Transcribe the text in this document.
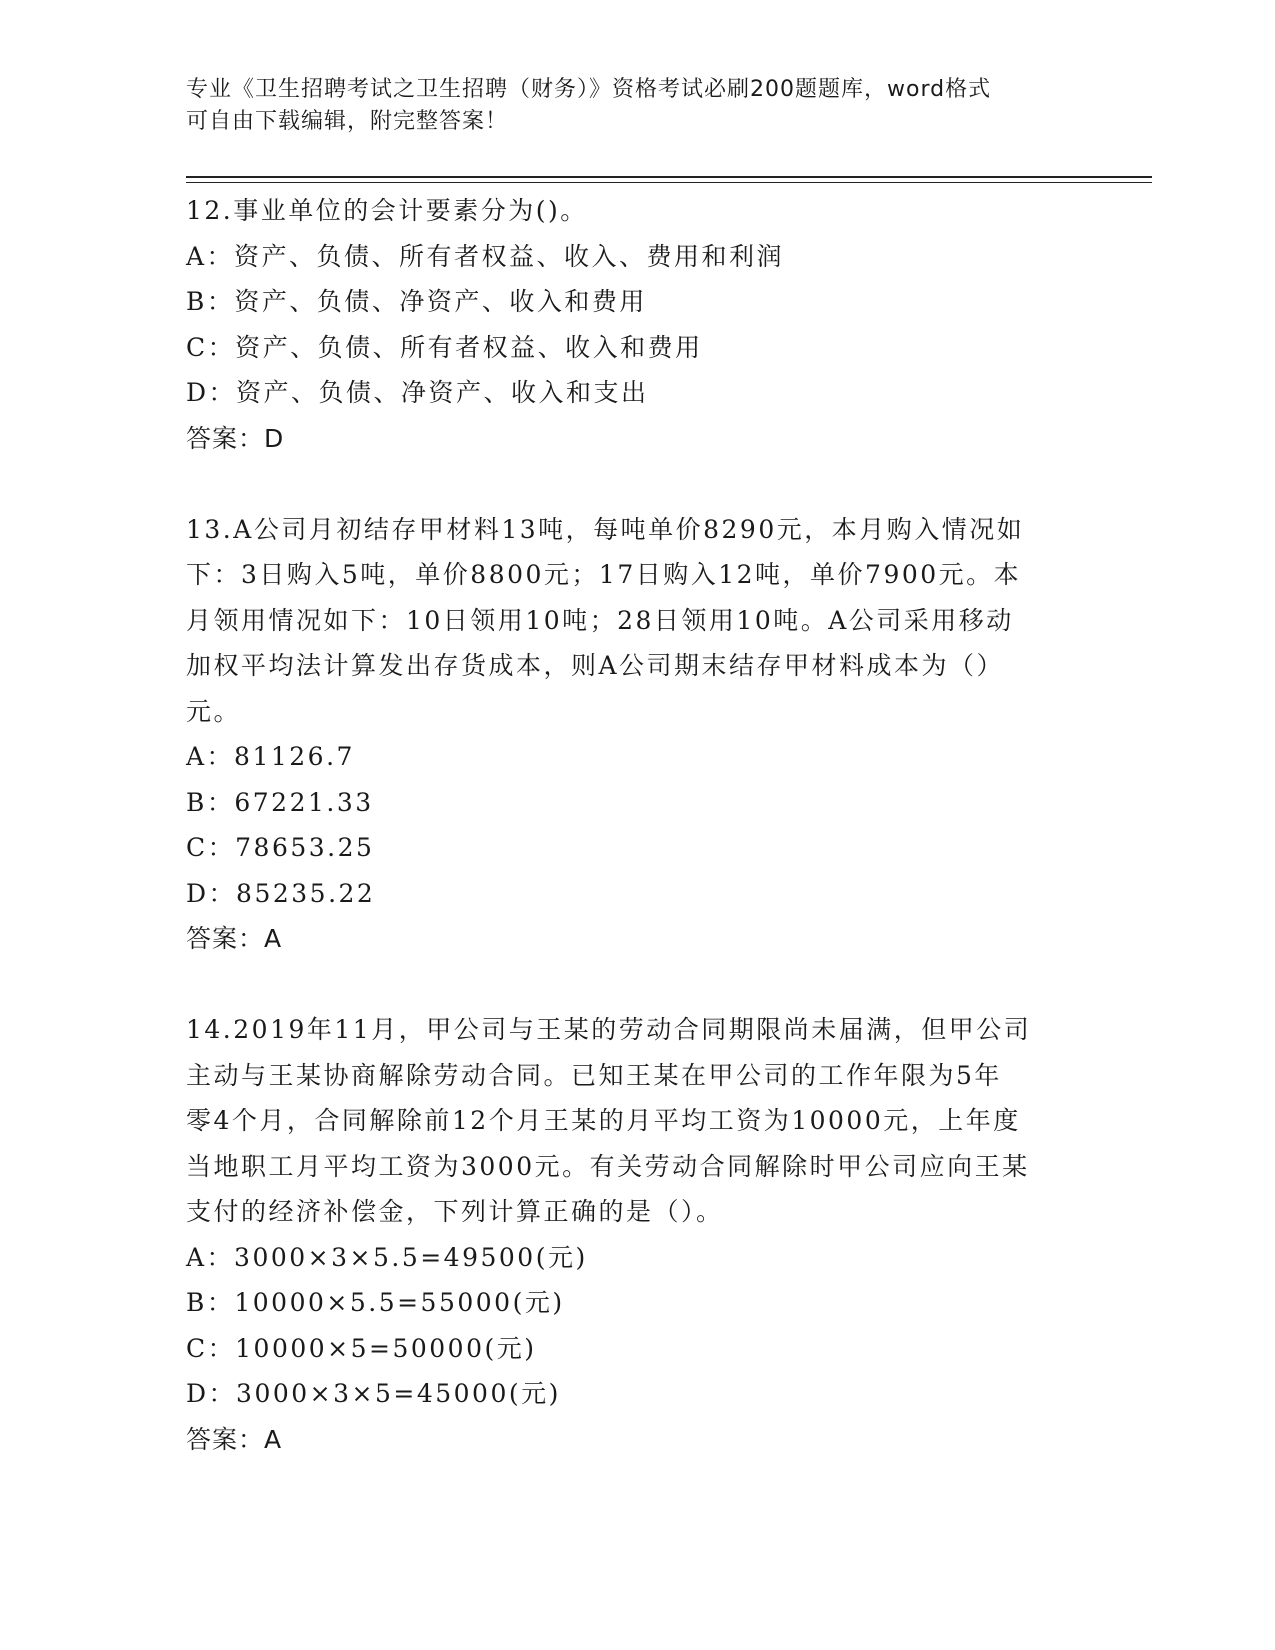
专业《卫生招聘考试之卫生招聘（财务）》资格考试必刷200题题库，word格式
可自由下载编辑，附完整答案！
12.事业单位的会计要素分为()。
A：资产、负债、所有者权益、收入、费用和利润
B：资产、负债、净资产、收入和费用
C：资产、负债、所有者权益、收入和费用
D：资产、负债、净资产、收入和支出
答案：D
13.A公司月初结存甲材料13吨，每吨单价8290元，本月购入情况如
下：3日购入5吨，单价8800元；17日购入12吨，单价7900元。本
月领用情况如下：10日领用10吨；28日领用10吨。A公司采用移动
加权平均法计算发出存货成本，则A公司期末结存甲材料成本为（）
元。
A：81126.7
B：67221.33
C：78653.25
D：85235.22
答案：A
14.2019年11月，甲公司与王某的劳动合同期限尚未届满，但甲公司
主动与王某协商解除劳动合同。已知王某在甲公司的工作年限为5年
零4个月，合同解除前12个月王某的月平均工资为10000元，上年度
当地职工月平均工资为3000元。有关劳动合同解除时甲公司应向王某
支付的经济补偿金，下列计算正确的是（）。
A：3000×3×5.5=49500(元)
B：10000×5.5=55000(元)
C：10000×5=50000(元)
D：3000×3×5=45000(元)
答案：A
